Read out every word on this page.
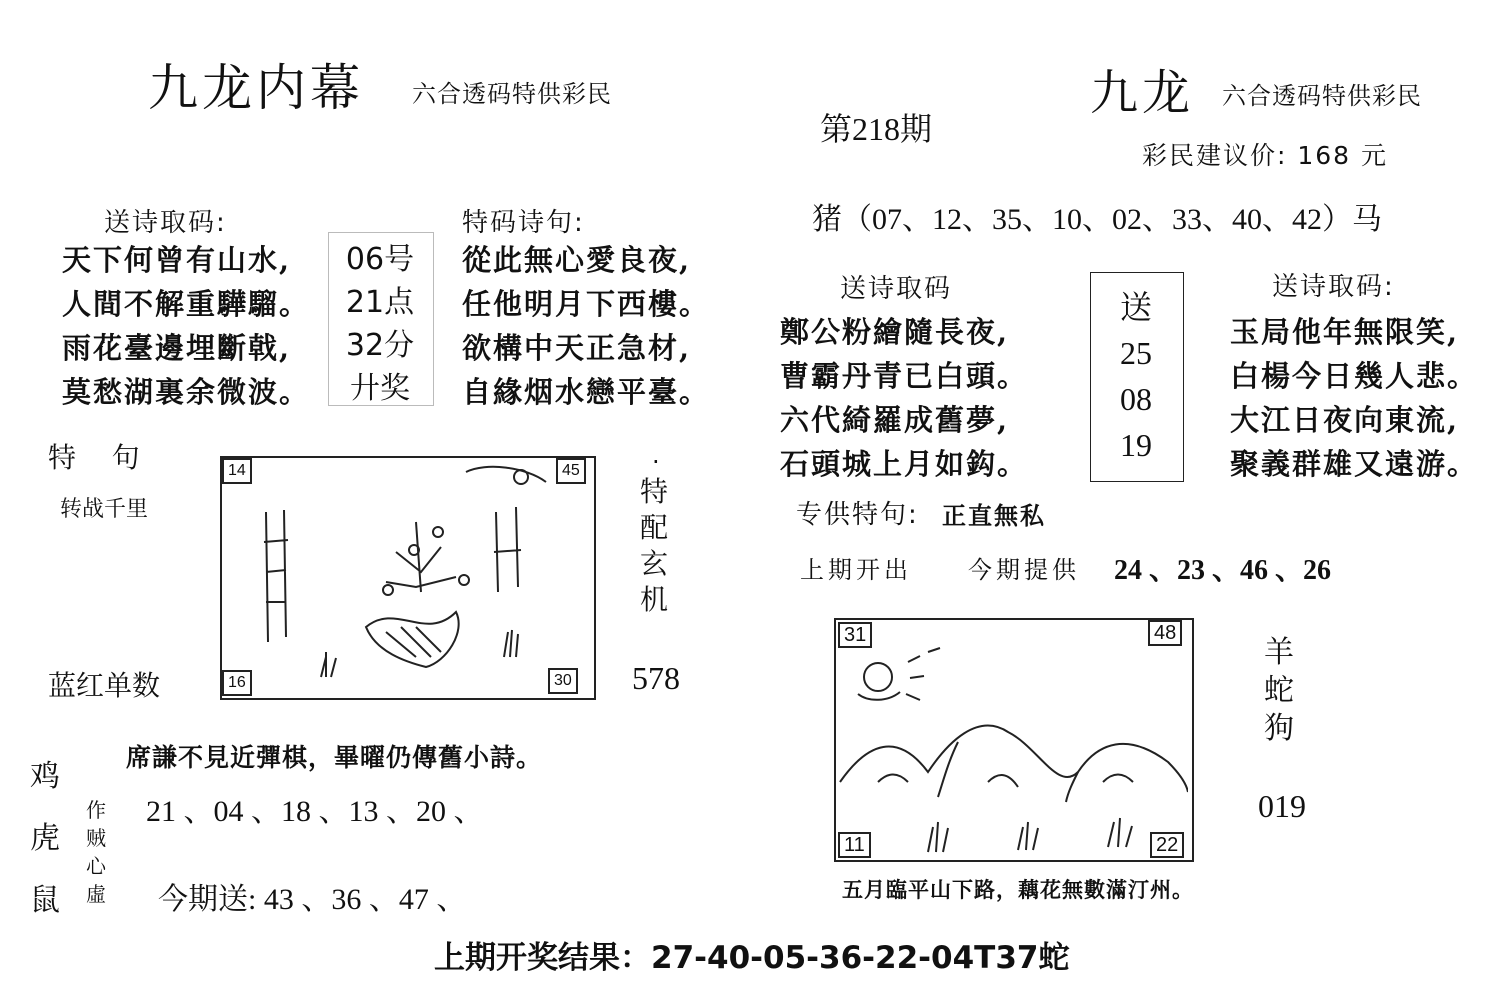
九龙内幕 六合透码特供彩民
送诗取码:
天下何曾有山水,
人間不解重驊騮。
雨花臺邊埋斷戟,
莫愁湖裏余微波。
06号
21点
32分
廾奖
特码诗句:
從此無心愛良夜,
任他明月下西樓。
欲構中天正急材,
自緣烟水戀平臺。
特    句
转战千里
14	45
16	30
·
特
配
玄
机
蓝红单数	578
鸡
虎
鼠
席謙不見近彈棋，畢曜仍傳舊小詩。
作
贼
心
虛
21 、04 、18 、13 、20 、
今期送: 43 、36 、47 、
九龙 六合透码特供彩民
第218期
彩民建议价: 168 元
猪（07、12、35、10、02、33、40、42）马
送诗取码
鄭公粉繪隨長夜,
曹霸丹青已白頭。
六代綺羅成舊夢,
石頭城上月如鈎。
送
25
08
19
送诗取码:
玉局他年無限笑,
白楊今日幾人悲。
大江日夜向東流,
聚義群雄又遠游。
专供特句: 正直無私
上期开出 今期提供 24 、23 、46 、26
31	48
11	22
五月臨平山下路，藕花無數滿汀州。
羊
蛇
狗
019
上期开奖结果：27-40-05-36-22-04T37蛇
